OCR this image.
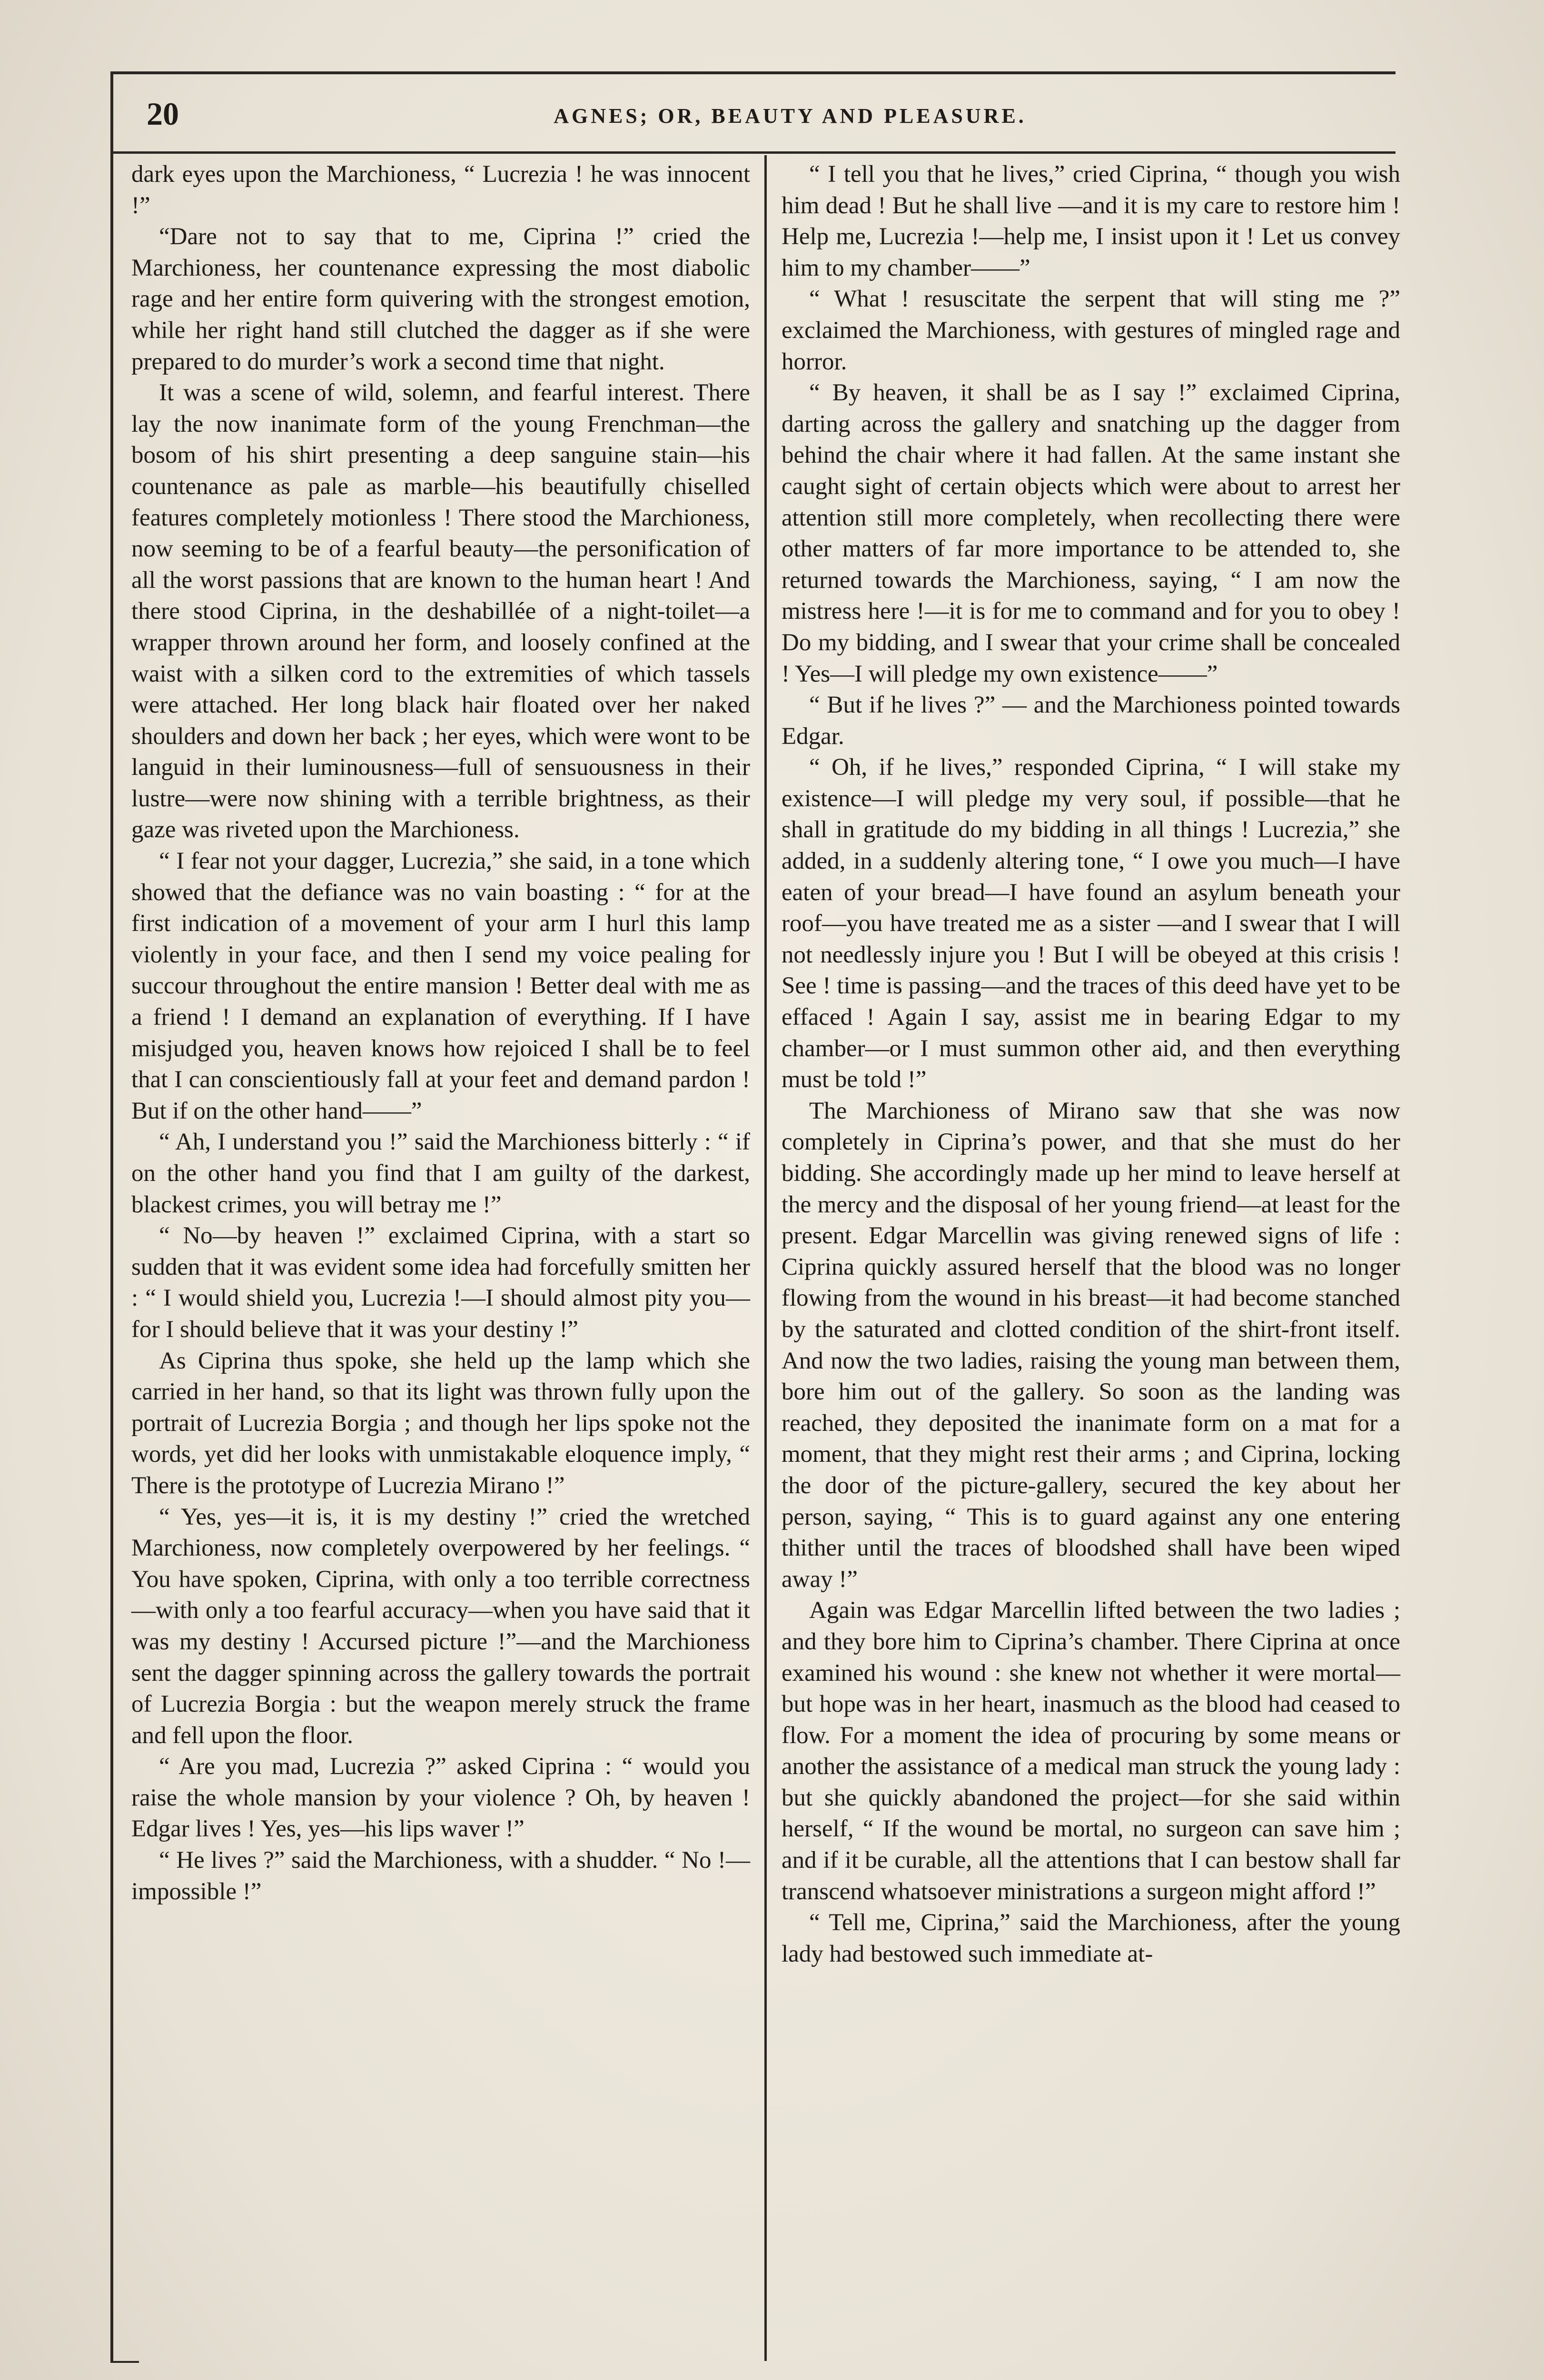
20	AGNES; OR, BEAUTY AND PLEASURE.

dark eyes upon the Marchioness, “ Lucrezia ! he was innocent !”

“Dare not to say that to me, Ciprina !” cried the Marchioness, her countenance expressing the most diabolic rage and her entire form quivering with the strongest emotion, while her right hand still clutched the dagger as if she were prepared to do murder’s work a second time that night.

It was a scene of wild, solemn, and fearful interest. There lay the now inanimate form of the young Frenchman—the bosom of his shirt presenting a deep sanguine stain—his countenance as pale as marble—his beautifully chiselled features completely motionless ! There stood the Marchioness, now seeming to be of a fearful beauty—the personification of all the worst passions that are known to the human heart ! And there stood Ciprina, in the deshabillée of a night-toilet—a wrapper thrown around her form, and loosely confined at the waist with a silken cord to the extremities of which tassels were attached. Her long black hair floated over her naked shoulders and down her back ; her eyes, which were wont to be languid in their luminousness—full of sensuousness in their lustre—were now shining with a terrible brightness, as their gaze was riveted upon the Marchioness.

“ I fear not your dagger, Lucrezia,” she said, in a tone which showed that the defiance was no vain boasting : “ for at the first indication of a movement of your arm I hurl this lamp violently in your face, and then I send my voice pealing for succour throughout the entire mansion ! Better deal with me as a friend ! I demand an explanation of everything. If I have misjudged you, heaven knows how rejoiced I shall be to feel that I can conscientiously fall at your feet and demand pardon ! But if on the other hand——”

“ Ah, I understand you !” said the Marchioness bitterly : “ if on the other hand you find that I am guilty of the darkest, blackest crimes, you will betray me !”

“ No—by heaven !” exclaimed Ciprina, with a start so sudden that it was evident some idea had forcefully smitten her : “ I would shield you, Lucrezia !—I should almost pity you—for I should believe that it was your destiny !”

As Ciprina thus spoke, she held up the lamp which she carried in her hand, so that its light was thrown fully upon the portrait of Lucrezia Borgia ; and though her lips spoke not the words, yet did her looks with unmistakable eloquence imply, “ There is the prototype of Lucrezia Mirano !”

“ Yes, yes—it is, it is my destiny !” cried the wretched Marchioness, now completely overpowered by her feelings. “ You have spoken, Ciprina, with only a too terrible correctness—with only a too fearful accuracy—when you have said that it was my destiny ! Accursed picture !”—and the Marchioness sent the dagger spinning across the gallery towards the portrait of Lucrezia Borgia : but the weapon merely struck the frame and fell upon the floor.

“ Are you mad, Lucrezia ?” asked Ciprina : “ would you raise the whole mansion by your violence ? Oh, by heaven ! Edgar lives ! Yes, yes—his lips waver !”

“ He lives ?” said the Marchioness, with a shudder. “ No !—impossible !”

“ I tell you that he lives,” cried Ciprina, “ though you wish him dead ! But he shall live —and it is my care to restore him ! Help me, Lucrezia !—help me, I insist upon it ! Let us convey him to my chamber——”

“ What ! resuscitate the serpent that will sting me ?” exclaimed the Marchioness, with gestures of mingled rage and horror.

“ By heaven, it shall be as I say !” exclaimed Ciprina, darting across the gallery and snatching up the dagger from behind the chair where it had fallen. At the same instant she caught sight of certain objects which were about to arrest her attention still more completely, when recollecting there were other matters of far more importance to be attended to, she returned towards the Marchioness, saying, “ I am now the mistress here !—it is for me to command and for you to obey ! Do my bidding, and I swear that your crime shall be concealed ! Yes—I will pledge my own existence——”

“ But if he lives ?” — and the Marchioness pointed towards Edgar.

“ Oh, if he lives,” responded Ciprina, “ I will stake my existence—I will pledge my very soul, if possible—that he shall in gratitude do my bidding in all things ! Lucrezia,” she added, in a suddenly altering tone, “ I owe you much—I have eaten of your bread—I have found an asylum beneath your roof—you have treated me as a sister —and I swear that I will not needlessly injure you ! But I will be obeyed at this crisis ! See ! time is passing—and the traces of this deed have yet to be effaced ! Again I say, assist me in bearing Edgar to my chamber—or I must summon other aid, and then everything must be told !”

The Marchioness of Mirano saw that she was now completely in Ciprina’s power, and that she must do her bidding. She accordingly made up her mind to leave herself at the mercy and the disposal of her young friend—at least for the present. Edgar Marcellin was giving renewed signs of life : Ciprina quickly assured herself that the blood was no longer flowing from the wound in his breast—it had become stanched by the saturated and clotted condition of the shirt-front itself. And now the two ladies, raising the young man between them, bore him out of the gallery. So soon as the landing was reached, they deposited the inanimate form on a mat for a moment, that they might rest their arms ; and Ciprina, locking the door of the picture-gallery, secured the key about her person, saying, “ This is to guard against any one entering thither until the traces of bloodshed shall have been wiped away !”

Again was Edgar Marcellin lifted between the two ladies ; and they bore him to Ciprina’s chamber. There Ciprina at once examined his wound : she knew not whether it were mortal—but hope was in her heart, inasmuch as the blood had ceased to flow. For a moment the idea of procuring by some means or another the assistance of a medical man struck the young lady : but she quickly abandoned the project—for she said within herself, “ If the wound be mortal, no surgeon can save him ; and if it be curable, all the attentions that I can bestow shall far transcend whatsoever ministrations a surgeon might afford !”

“ Tell me, Ciprina,” said the Marchioness, after the young lady had bestowed such immediate at-
